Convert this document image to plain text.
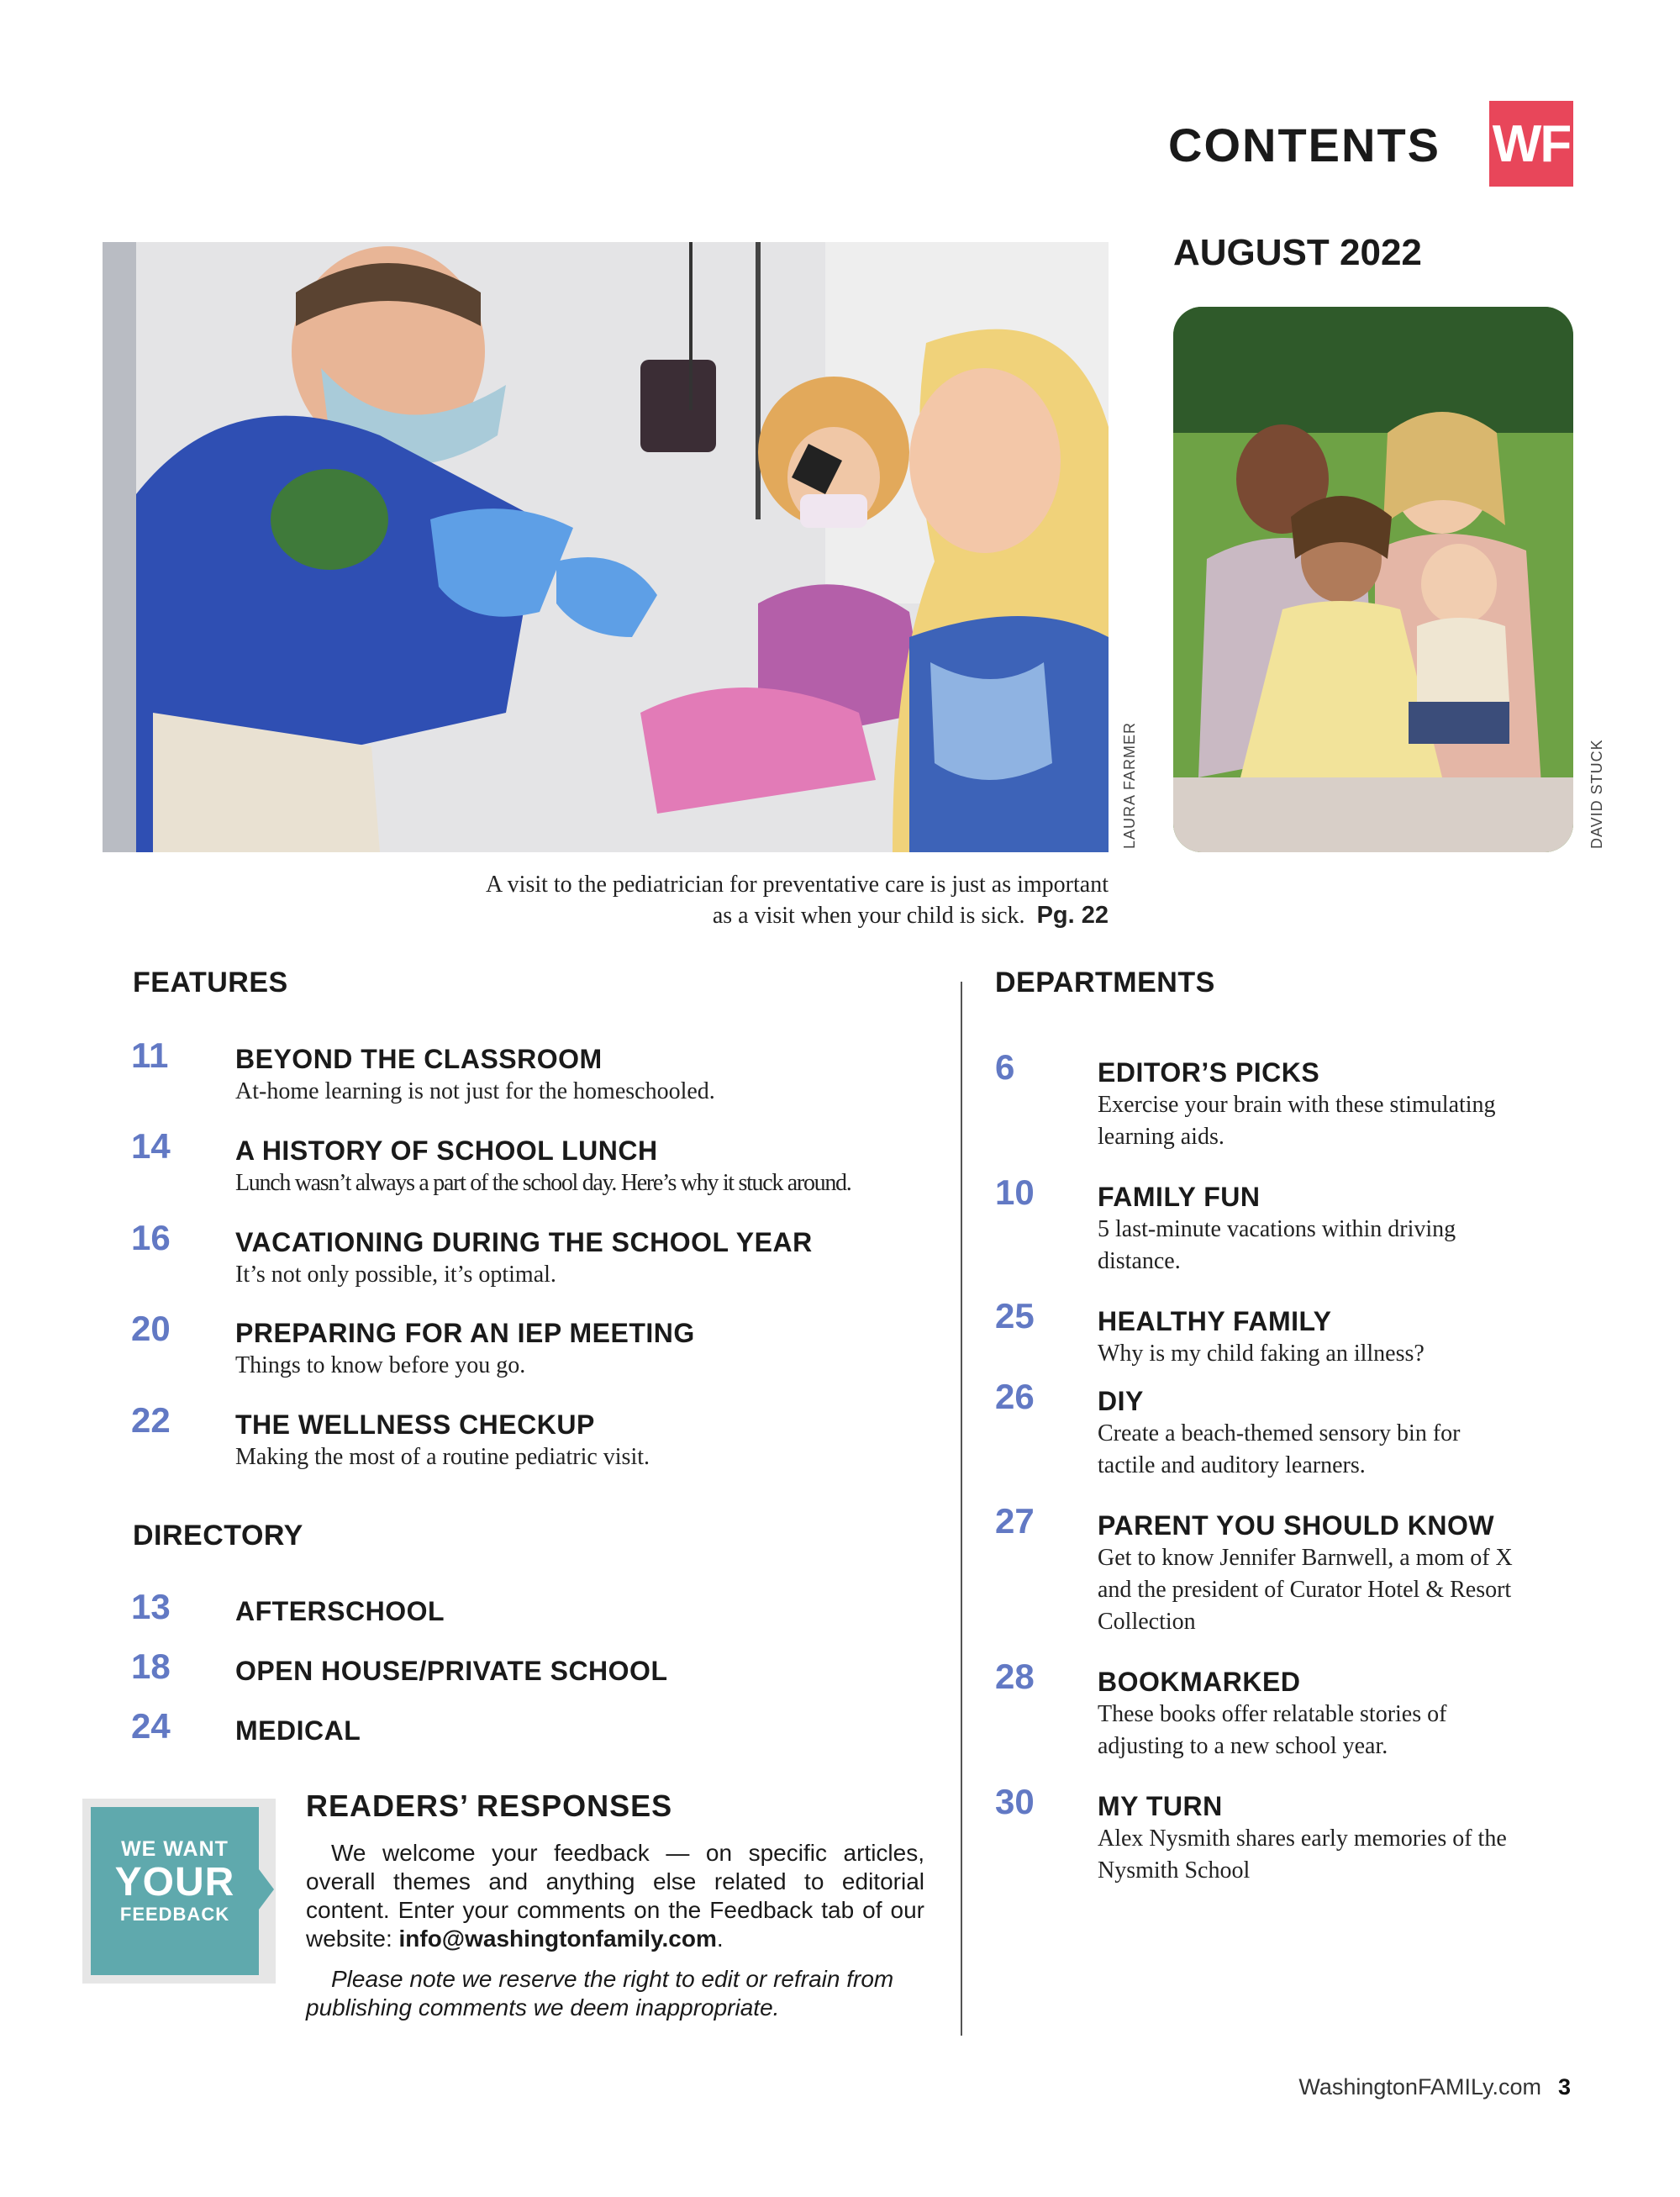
CONTENTS WF
AUGUST 2022
LAURA FARMER	DAVID STUCK
A visit to the pediatrician for preventative care is just as important
as a visit when your child is sick. Pg. 22
FEATURES
11 BEYOND THE CLASSROOM
At-home learning is not just for the homeschooled.
14 A HISTORY OF SCHOOL LUNCH
Lunch wasn’t always a part of the school day. Here’s why it stuck around.
16 VACATIONING DURING THE SCHOOL YEAR
It’s not only possible, it’s optimal.
20 PREPARING FOR AN IEP MEETING
Things to know before you go.
22 THE WELLNESS CHECKUP
Making the most of a routine pediatric visit.
DIRECTORY
13 AFTERSCHOOL
18 OPEN HOUSE/PRIVATE SCHOOL
24 MEDICAL
DEPARTMENTS
6	EDITOR’S PICKS
Exercise your brain with these stimulating
learning aids.
10 FAMILY FUN
5 last-minute vacations within driving
distance.
25 HEALTHY FAMILY
Why is my child faking an illness?
26 DIY
Create a beach-themed sensory bin for
tactile and auditory learners.
27 PARENT YOU SHOULD KNOW
Get to know Jennifer Barnwell, a mom of X
and the president of Curator Hotel & Resort
Collection
28 BOOKMARKED
These books offer relatable stories of
adjusting to a new school year.
30 MY TURN
Alex Nysmith shares early memories of the
Nysmith School
WE WANT
YOUR
FEEDBACK
READERS’ RESPONSES
We welcome your feedback — on specific articles, overall themes and anything else related to editorial content. Enter your comments on the Feedback tab of our website: info@washingtonfamily.com.
Please note we reserve the right to edit or refrain from publishing comments we deem inappropriate.
WashingtonFAMILy.com 3
